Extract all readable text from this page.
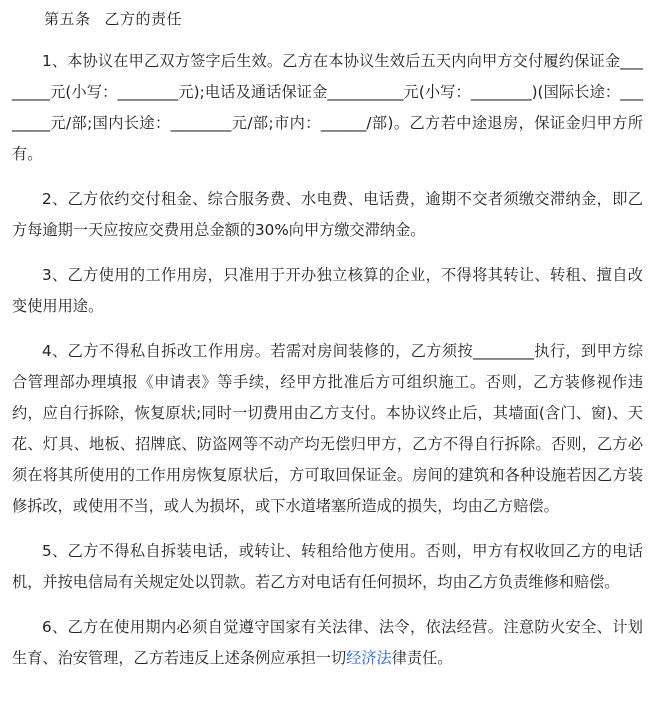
第五条 乙方的责任

1、本协议在甲乙双方签字后生效。乙方在本协议生效后五天内向甲方交付履约保证金________元(小写：________元);电话及通话保证金__________元(小写：________)(国际长途：________元/部;国内长途：________元/部;市内：______/部)。乙方若中途退房，保证金归甲方所有。

2、乙方依约交付租金、综合服务费、水电费、电话费，逾期不交者须缴交滞纳金，即乙方每逾期一天应按应交费用总金额的30%向甲方缴交滞纳金。

3、乙方使用的工作用房，只准用于开办独立核算的企业，不得将其转让、转租、擅自改变使用用途。

4、乙方不得私自拆改工作用房。若需对房间装修的，乙方须按________执行，到甲方综合管理部办理填报《申请表》等手续，经甲方批准后方可组织施工。否则，乙方装修视作违约，应自行拆除，恢复原状;同时一切费用由乙方支付。本协议终止后，其墙面(含门、窗)、天花、灯具、地板、招牌底、防盗网等不动产均无偿归甲方，乙方不得自行拆除。否则，乙方必须在将其所使用的工作用房恢复原状后，方可取回保证金。房间的建筑和各种设施若因乙方装修拆改，或使用不当，或人为损坏，或下水道堵塞所造成的损失，均由乙方赔偿。

5、乙方不得私自拆装电话，或转让、转租给他方使用。否则，甲方有权收回乙方的电话机，并按电信局有关规定处以罚款。若乙方对电话有任何损坏，均由乙方负责维修和赔偿。

6、乙方在使用期内必须自觉遵守国家有关法律、法令，依法经营。注意防火安全、计划生育、治安管理，乙方若违反上述条例应承担一切经济法律责任。
